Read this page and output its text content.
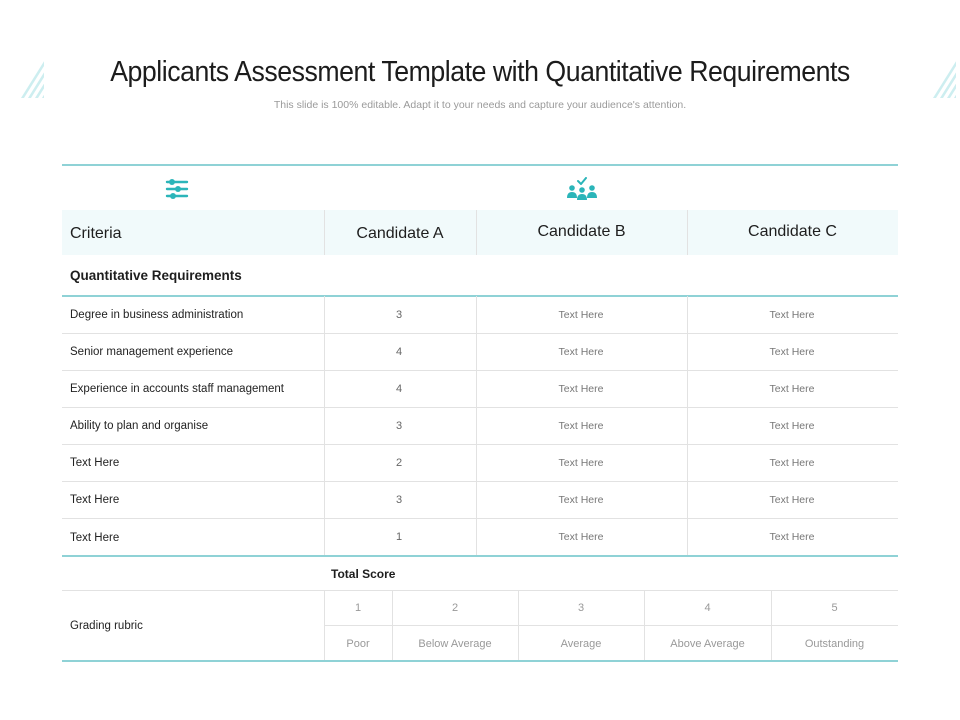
Applicants Assessment Template with Quantitative Requirements
This slide is 100% editable. Adapt it to your needs and capture your audience's attention.
Criteria	Candidate A	Candidate B	Candidate C
Quantitative Requirements
Degree in business administration	3	Text Here	Text Here
Senior management experience	4	Text Here	Text Here
Experience in accounts staff management	4	Text Here	Text Here
Ability to plan and organise	3	Text Here	Text Here
Text Here	2	Text Here	Text Here
Text Here	3	Text Here	Text Here
Text Here	1	Text Here	Text Here
Total Score
Grading rubric
1	2	3	4	5
Poor	Below Average	Average	Above Average	Outstanding
